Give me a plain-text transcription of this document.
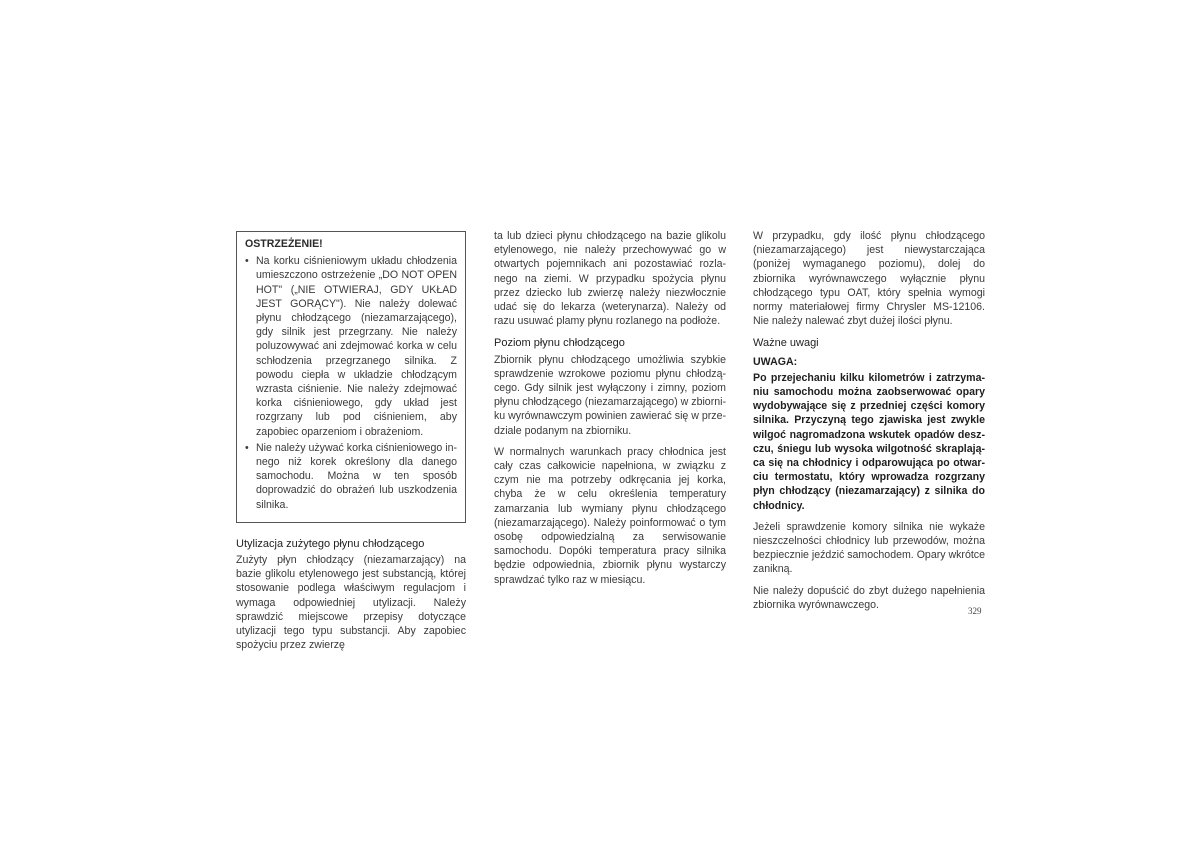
OSTRZEŻENIE!
• Na korku ciśnieniowym układu chłodzenia umieszczono ostrzeżenie „DO NOT OPEN HOT" („NIE OTWIERAJ, GDY UKŁAD JEST GORĄCY"). Nie należy dolewać płynu chłodzącego (niezamarzającego), gdy silnik jest przegrzany. Nie należy poluzowywać ani zdejmować korka w celu schłodzenia przegrzanego silnika. Z powodu ciepła w układzie chłodzącym wzrasta ciśnienie. Nie należy zdejmować korka ciśnieniowego, gdy układ jest rozgrzany lub pod ciśnieniem, aby zapobiec oparzeniom i obrażeniom.
• Nie należy używać korka ciśnieniowego innego niż korek określony dla danego samochodu. Można w ten sposób doprowadzić do obrażeń lub uszkodzenia silnika.
Utylizacja zużytego płynu chłodzącego

Zużyty płyn chłodzący (niezamarzający) na bazie glikolu etylenowego jest substancją, której stosowanie podlega właściwym regulacjom i wymaga odpowiedniej utylizacji. Należy sprawdzić miejscowe przepisy dotyczące utylizacji tego typu substancji. Aby zapobiec spożyciu przez zwierzę

ta lub dzieci płynu chłodzącego na bazie glikolu etylenowego, nie należy przechowywać go w otwartych pojemnikach ani pozostawiać rozlanego na ziemi. W przypadku spożycia płynu przez dziecko lub zwierzę należy niezwłocznie udać się do lekarza (weterynarza). Należy od razu usuwać plamy płynu rozlanego na podłoże.

Poziom płynu chłodzącego

Zbiornik płynu chłodzącego umożliwia szybkie sprawdzenie wzrokowe poziomu płynu chłodzącego. Gdy silnik jest wyłączony i zimny, poziom płynu chłodzącego (niezamarzającego) w zbiorniku wyrównawczym powinien zawierać się w przedziale podanym na zbiorniku.

W normalnych warunkach pracy chłodnica jest cały czas całkowicie napełniona, w związku z czym nie ma potrzeby odkręcania jej korka, chyba że w celu określenia temperatury zamarzania lub wymiany płynu chłodzącego (niezamarzającego). Należy poinformować o tym osobę odpowiedzialną za serwisowanie samochodu. Dopóki temperatura pracy silnika będzie odpowiednia, zbiornik płynu wystarczy sprawdzać tylko raz w miesiącu.

W przypadku, gdy ilość płynu chłodzącego (niezamarzającego) jest niewystarczająca (poniżej wymaganego poziomu), dolej do zbiornika wyrównawczego wyłącznie płynu chłodzącego typu OAT, który spełnia wymogi normy materiałowej firmy Chrysler MS-12106. Nie należy nalewać zbyt dużej ilości płynu.

Ważne uwagi
UWAGA:

Po przejechaniu kilku kilometrów i zatrzymaniu samochodu można zaobserwować opary wydobywające się z przedniej części komory silnika. Przyczyną tego zjawiska jest zwykle wilgoć nagromadzona wskutek opadów deszczu, śniegu lub wysoka wilgotność skraplająca się na chłodnicy i odparowująca po otwarciu termostatu, który wprowadza rozgrzany płyn chłodzący (niezamarzający) z silnika do chłodnicy.

Jeżeli sprawdzenie komory silnika nie wykaże nieszczelności chłodnicy lub przewodów, można bezpiecznie jeździć samochodem. Opary wkrótce zanikną.

Nie należy dopuścić do zbyt dużego napełnienia zbiornika wyrównawczego.

329
